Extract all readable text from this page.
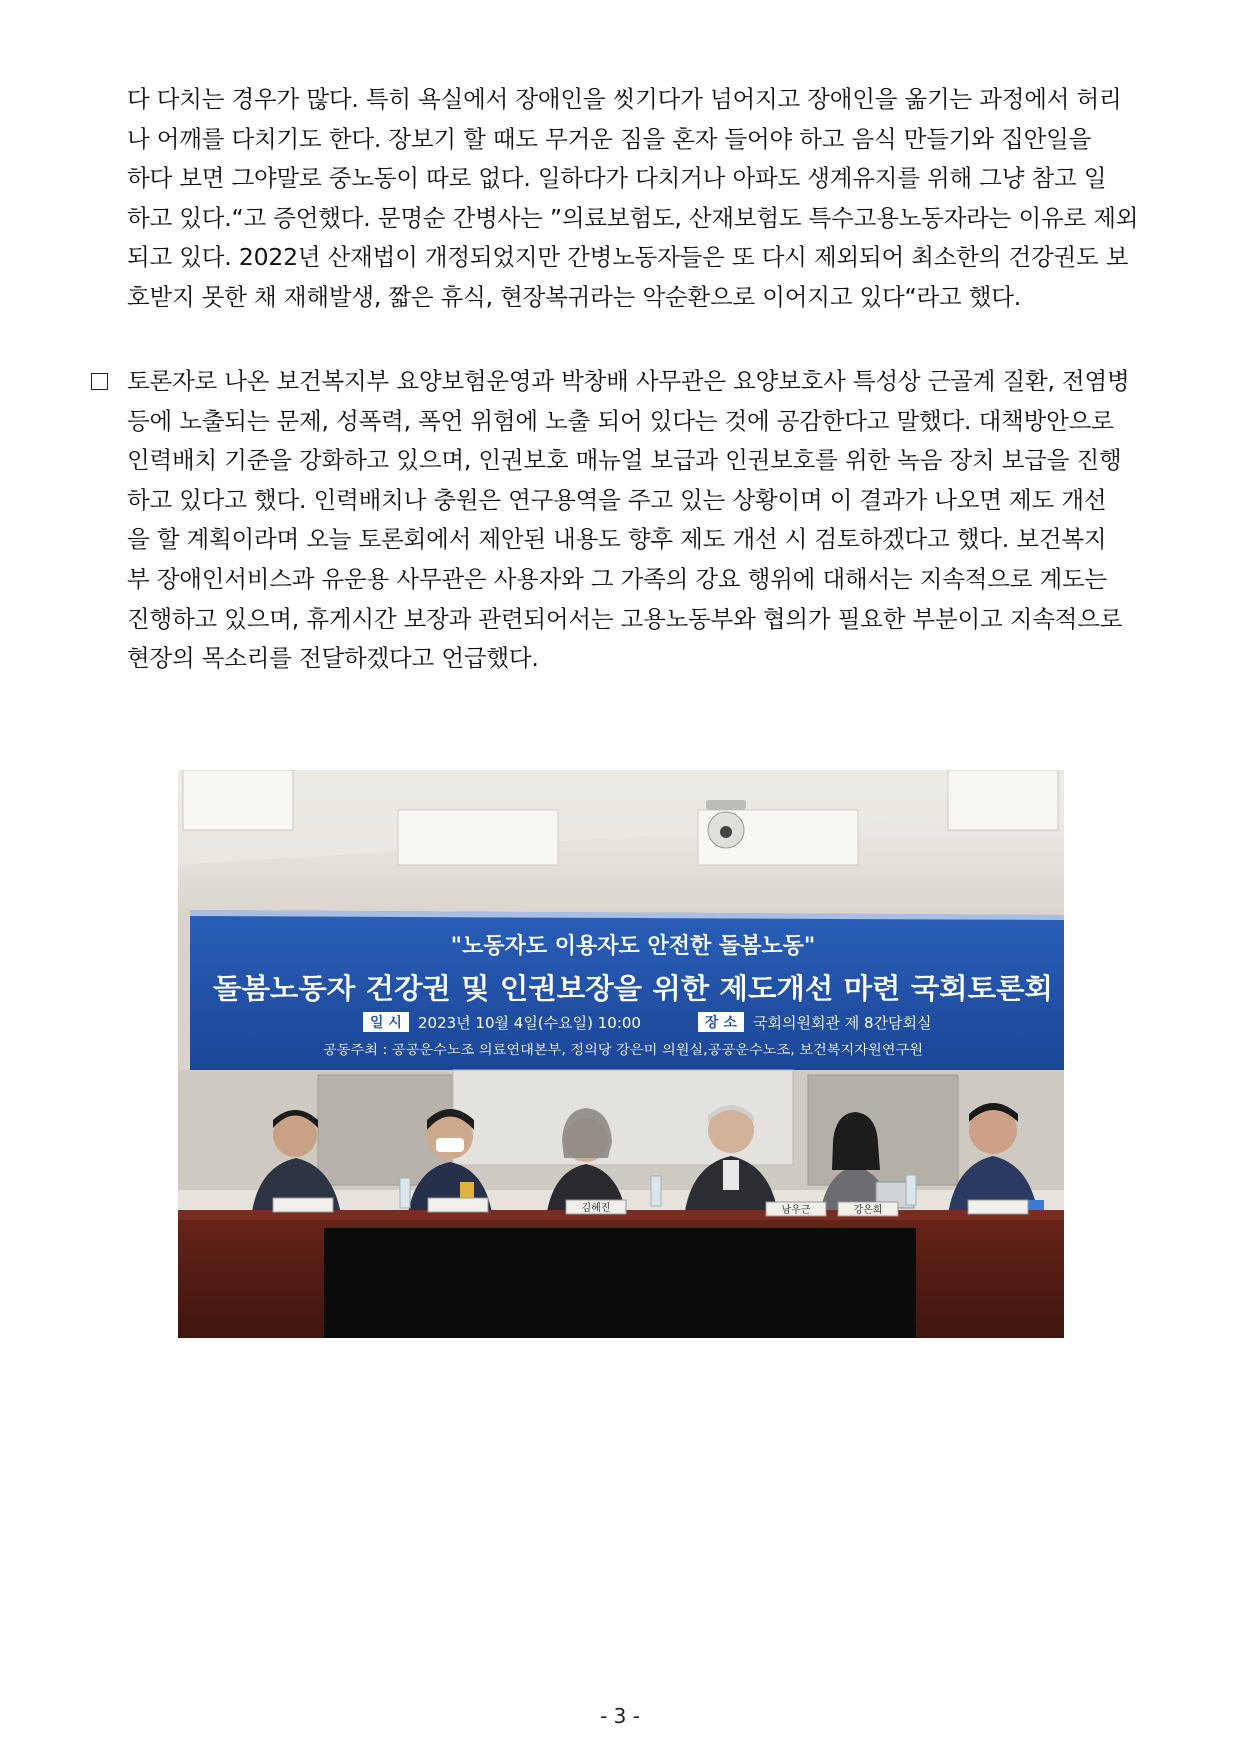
다 다치는 경우가 많다. 특히 욕실에서 장애인을 씻기다가 넘어지고 장애인을 옮기는 과정에서 허리
나 어깨를 다치기도 한다. 장보기 할 때도 무거운 짐을 혼자 들어야 하고 음식 만들기와 집안일을
하다 보면 그야말로 중노동이 따로 없다. 일하다가 다치거나 아파도 생계유지를 위해 그냥 참고 일
하고 있다.“고 증언했다. 문명순 간병사는 ”의료보험도, 산재보험도 특수고용노동자라는 이유로 제외
되고 있다. 2022년 산재법이 개정되었지만 간병노동자들은 또 다시 제외되어 최소한의 건강권도 보
호받지 못한 채 재해발생, 짧은 휴식, 현장복귀라는 악순환으로 이어지고 있다“라고 했다.
토론자로 나온 보건복지부 요양보험운영과 박창배 사무관은 요양보호사 특성상 근골계 질환, 전염병
등에 노출되는 문제, 성폭력, 폭언 위험에 노출 되어 있다는 것에 공감한다고 말했다. 대책방안으로
인력배치 기준을 강화하고 있으며, 인권보호 매뉴얼 보급과 인권보호를 위한 녹음 장치 보급을 진행
하고 있다고 했다. 인력배치나 충원은 연구용역을 주고 있는 상황이며 이 결과가 나오면 제도 개선
을 할 계획이라며 오늘 토론회에서 제안된 내용도 향후 제도 개선 시 검토하겠다고 했다. 보건복지
부 장애인서비스과 유운용 사무관은 사용자와 그 가족의 강요 행위에 대해서는 지속적으로 계도는
진행하고 있으며, 휴게시간 보장과 관련되어서는 고용노동부와 협의가 필요한 부분이고 지속적으로
현장의 목소리를 전달하겠다고 언급했다.
"노동자도 이용자도 안전한 돌봄노동"
돌봄노동자 건강권 및 인권보장을 위한 제도개선 마련 국회토론회
일 시 2023년 10월 4일(수요일) 10:00	장 소 국회의원회관 제 8간담회실
공동주최 : 공공운수노조 의료연대본부, 정의당 강은미 의원실,공공운수노조, 보건복지자원연구원
김혜진	남우근	강은희
- 3 -
